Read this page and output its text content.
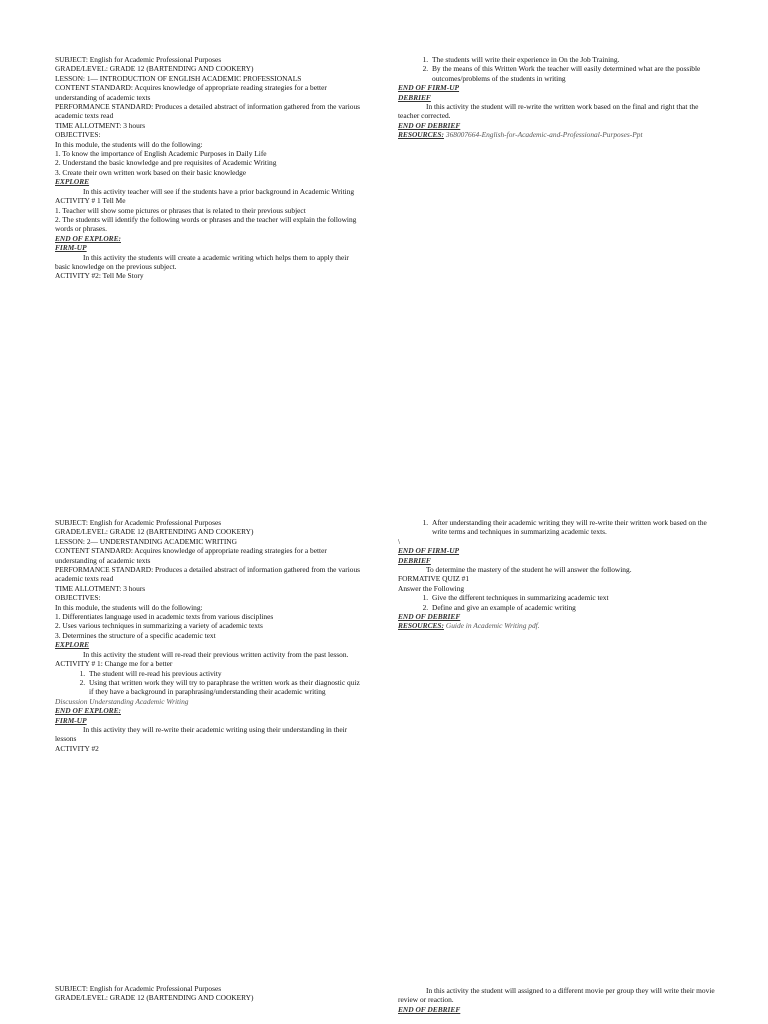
SUBJECT: English for Academic Professional Purposes

GRADE/LEVEL: GRADE 12 (BARTENDING AND COOKERY)

LESSON: 1— INTRODUCTION OF ENGLISH ACADEMIC PROFESSIONALS

CONTENT STANDARD: Acquires knowledge of appropriate reading strategies for a better understanding of academic texts

PERFORMANCE STANDARD: Produces a detailed abstract of information gathered from the various academic texts read

TIME ALLOTMENT: 3 hours

OBJECTIVES:

In this module, the students will do the following:

1. To know the importance of English Academic Purposes in Daily Life

2. Understand the basic knowledge and pre requisites of Academic Writing

3. Create their own written work based on their basic knowledge

EXPLORE

In this activity teacher will see if the students have a prior background in Academic Writing

ACTIVITY # 1 Tell Me

1. Teacher will show some pictures or phrases that is related to their previous subject

2. The students will identify the following words or phrases and the teacher will explain the following words or phrases.

END OF EXPLORE:

FIRM-UP

In this activity the students will create a academic writing which helps them to apply their basic knowledge on the previous subject.

ACTIVITY #2: Tell Me Story

1. The students will write their experience in On the Job Training.
2. By the means of this Written Work the teacher will easily determined what are the possible outcomes/problems of the students in writing

END OF FIRM-UP

DEBRIEF

In this activity the student will re-write the written work based on the final and right that the teacher corrected.

END OF DEBRIEF

RESOURCES: 368007664-English-for-Academic-and-Professional-Purposes-Ppt

SUBJECT: English for Academic Professional Purposes

GRADE/LEVEL: GRADE 12 (BARTENDING AND COOKERY)

LESSON: 2— UNDERSTANDING ACADEMIC WRITING

CONTENT STANDARD: Acquires knowledge of appropriate reading strategies for a better understanding of academic texts

PERFORMANCE STANDARD: Produces a detailed abstract of information gathered from the various academic texts read

TIME ALLOTMENT: 3 hours

OBJECTIVES:

In this module, the students will do the following:

1. Differentiates language used in academic texts from various disciplines

2. Uses various techniques in summarizing a variety of academic texts

3. Determines the structure of a specific academic text

EXPLORE

In this activity the student will re-read their previous written activity from the past lesson.

ACTIVITY # 1: Change me for a better

1. The student will re-read his previous activity
2. Using that written work they will try to paraphrase the written work as their diagnostic quiz if they have a background in paraphrasing/understanding their academic writing

Discussion Understanding Academic Writing

END OF EXPLORE:

FIRM-UP

In this activity they will re-write their academic writing using their understanding in their lessons

ACTIVITY #2

1. After understanding their academic writing they will re-write their written work based on the write terms and techniques in summarizing academic texts.

\

END OF FIRM-UP

DEBRIEF

To determine the mastery of the student he will answer the following.

FORMATIVE QUIZ #1

Answer the Following

1. Give the different techniques in summarizing academic text
2. Define and give an example of academic writing

END OF DEBRIEF

RESOURCES: Guide in Academic Writing pdf.

SUBJECT: English for Academic Professional Purposes

GRADE/LEVEL: GRADE 12 (BARTENDING AND COOKERY)

In this activity the student will assigned to a different movie per group they will write their movie review or reaction.

END OF DEBRIEF
